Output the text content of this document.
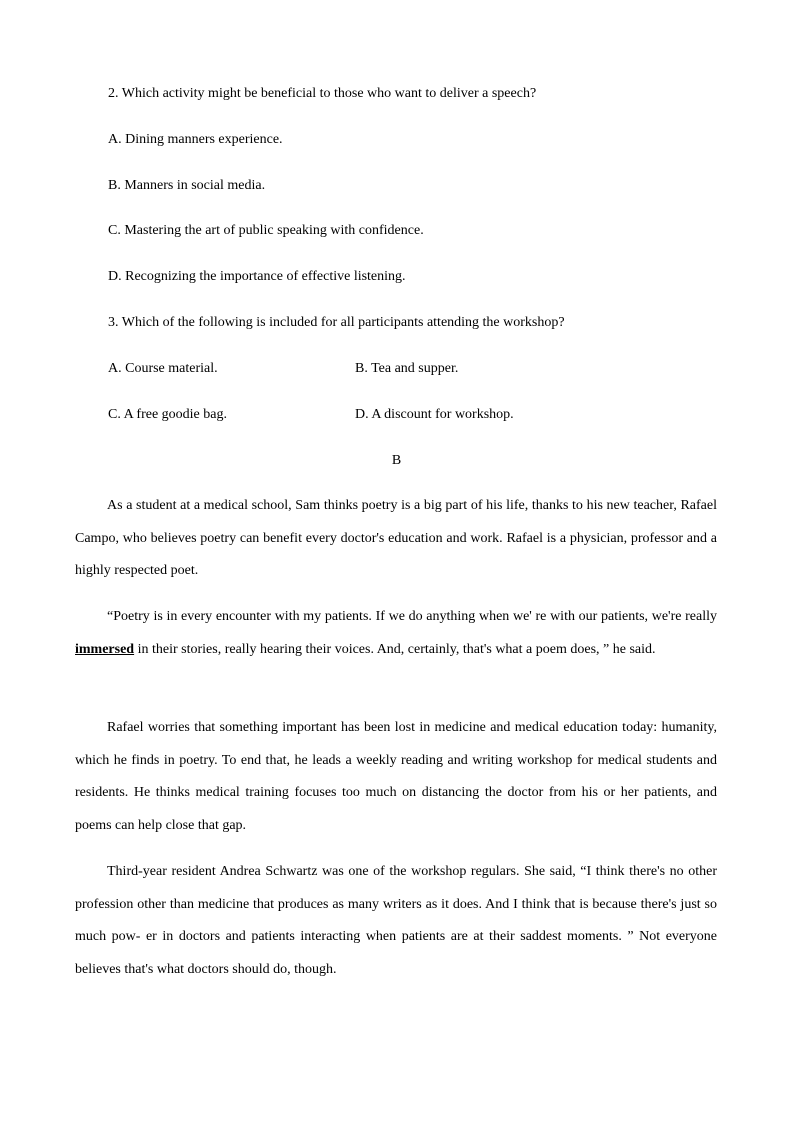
2. Which activity might be beneficial to those who want to deliver a speech?
A. Dining manners experience.
B. Manners in social media.
C. Mastering the art of public speaking with confidence.
D. Recognizing the importance of effective listening.
3. Which of the following is included for all participants attending the workshop?
A. Course material.	B. Tea and supper.
C. A free goodie bag.	D. A discount for workshop.
B
As a student at a medical school, Sam thinks poetry is a big part of his life, thanks to his new teacher, Rafael Campo, who believes poetry can benefit every doctor's education and work. Rafael is a physician, professor and a highly respected poet.
“Poetry is in every encounter with my patients. If we do anything when we' re with our patients, we're really immersed in their stories, really hearing their voices. And, certainly, that's what a poem does, ” he said.
Rafael worries that something important has been lost in medicine and medical education today: humanity, which he finds in poetry. To end that, he leads a weekly reading and writing workshop for medical students and residents. He thinks medical training focuses too much on distancing the doctor from his or her patients, and poems can help close that gap.
Third-year resident Andrea Schwartz was one of the workshop regulars. She said, “I think there's no other profession other than medicine that produces as many writers as it does. And I think that is because there's just so much pow- er in doctors and patients interacting when patients are at their saddest moments. ” Not everyone believes that's what doctors should do, though.
